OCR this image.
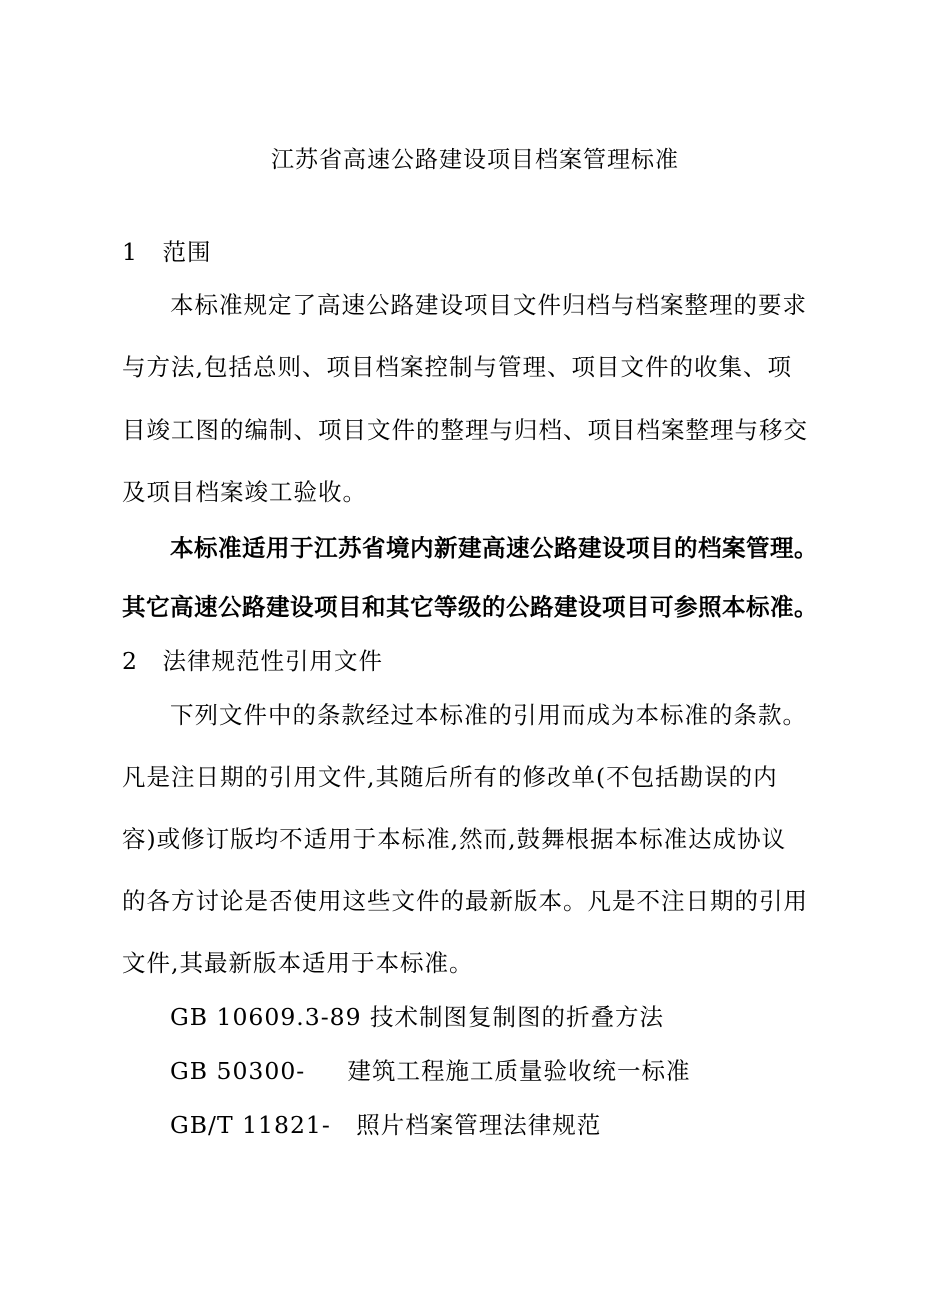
江苏省高速公路建设项目档案管理标准

1　范围

本标准规定了高速公路建设项目文件归档与档案整理的要求

与方法,包括总则、项目档案控制与管理、项目文件的收集、项

目竣工图的编制、项目文件的整理与归档、项目档案整理与移交

及项目档案竣工验收。

本标准适用于江苏省境内新建高速公路建设项目的档案管理。

其它高速公路建设项目和其它等级的公路建设项目可参照本标准。

2　法律规范性引用文件

下列文件中的条款经过本标准的引用而成为本标准的条款。

凡是注日期的引用文件,其随后所有的修改单(不包括勘误的内

容)或修订版均不适用于本标准,然而,鼓舞根据本标准达成协议

的各方讨论是否使用这些文件的最新版本。凡是不注日期的引用

文件,其最新版本适用于本标准。

GB 10609.3-89 技术制图复制图的折叠方法

GB 50300-     建筑工程施工质量验收统一标准

GB/T 11821-   照片档案管理法律规范
